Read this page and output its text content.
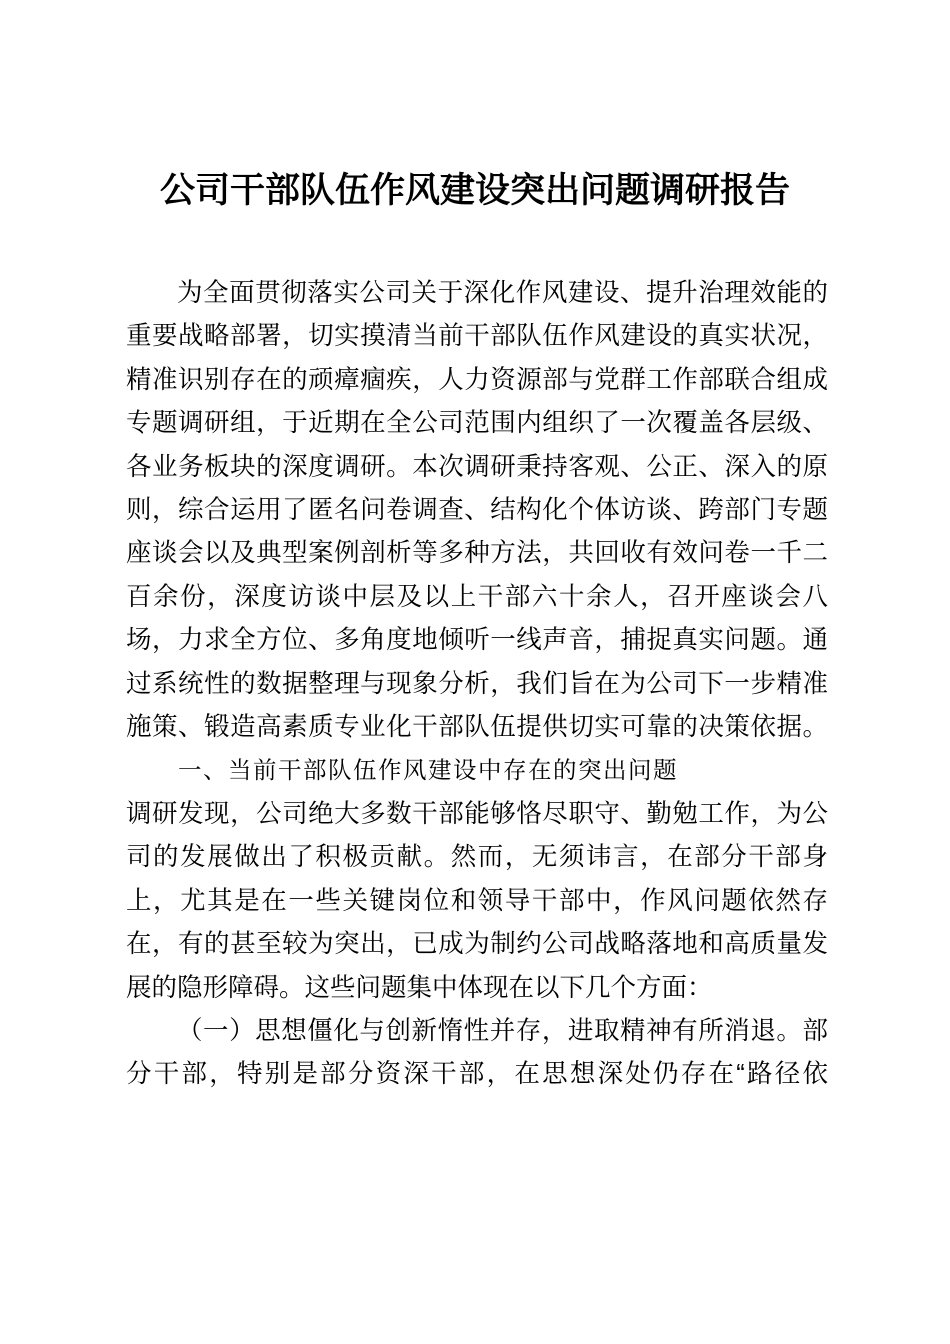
公司干部队伍作风建设突出问题调研报告

为全面贯彻落实公司关于深化作风建设、提升治理效能的

重要战略部署，切实摸清当前干部队伍作风建设的真实状况，

精准识别存在的顽瘴痼疾，人力资源部与党群工作部联合组成

专题调研组，于近期在全公司范围内组织了一次覆盖各层级、

各业务板块的深度调研。本次调研秉持客观、公正、深入的原

则，综合运用了匿名问卷调查、结构化个体访谈、跨部门专题

座谈会以及典型案例剖析等多种方法，共回收有效问卷一千二

百余份，深度访谈中层及以上干部六十余人，召开座谈会八

场，力求全方位、多角度地倾听一线声音，捕捉真实问题。通

过系统性的数据整理与现象分析，我们旨在为公司下一步精准

施策、锻造高素质专业化干部队伍提供切实可靠的决策依据。

一、当前干部队伍作风建设中存在的突出问题

调研发现，公司绝大多数干部能够恪尽职守、勤勉工作，为公

司的发展做出了积极贡献。然而，无须讳言，在部分干部身

上，尤其是在一些关键岗位和领导干部中，作风问题依然存

在，有的甚至较为突出，已成为制约公司战略落地和高质量发

展的隐形障碍。这些问题集中体现在以下几个方面：

（一）思想僵化与创新惰性并存，进取精神有所消退。部

分干部，特别是部分资深干部，在思想深处仍存在“路径依
